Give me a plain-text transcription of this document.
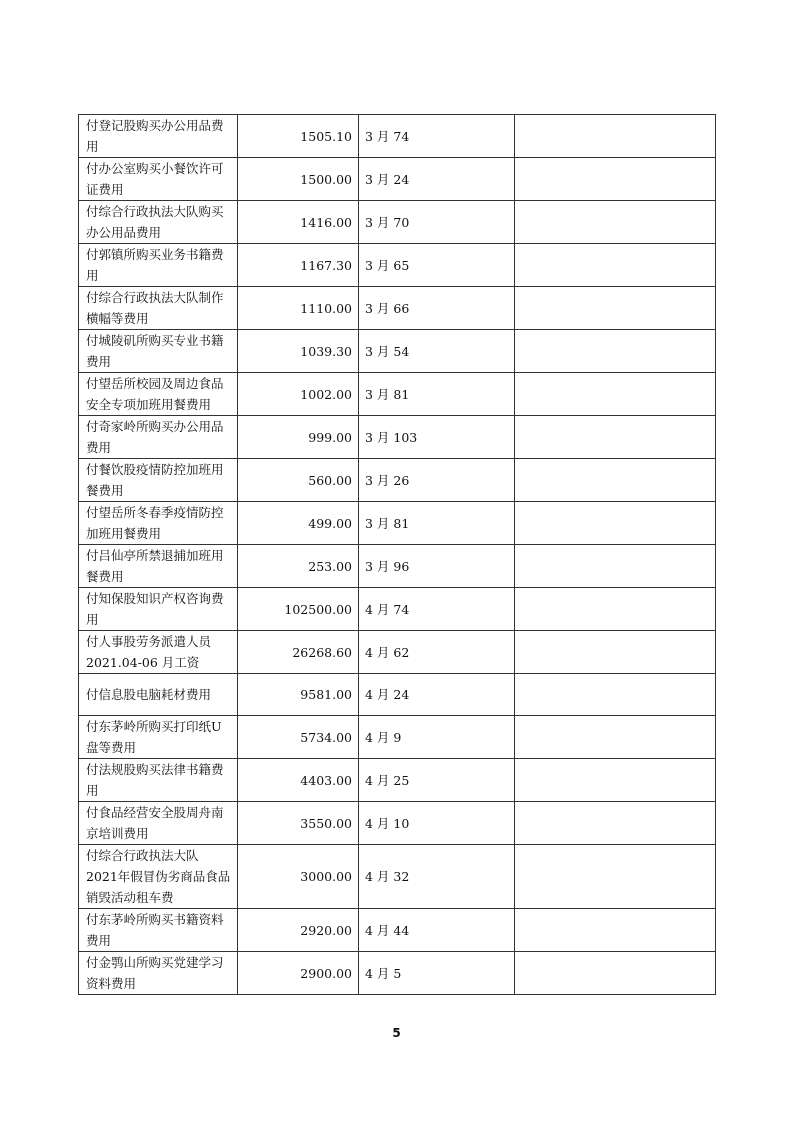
付登记股购买办公用品费用	1505.10	3 月 74	
付办公室购买小餐饮许可证费用	1500.00	3 月 24	
付综合行政执法大队购买办公用品费用	1416.00	3 月 70	
付郭镇所购买业务书籍费用	1167.30	3 月 65	
付综合行政执法大队制作横幅等费用	1110.00	3 月 66	
付城陵矶所购买专业书籍费用	1039.30	3 月 54	
付望岳所校园及周边食品安全专项加班用餐费用	1002.00	3 月 81	
付奇家岭所购买办公用品费用	999.00	3 月 103	
付餐饮股疫情防控加班用餐费用	560.00	3 月 26	
付望岳所冬春季疫情防控加班用餐费用	499.00	3 月 81	
付吕仙亭所禁退捕加班用餐费用	253.00	3 月 96	
付知保股知识产权咨询费用	102500.00	4 月 74	
付人事股劳务派遣人员2021.04-06 月工资	26268.60	4 月 62	
付信息股电脑耗材费用	9581.00	4 月 24	
付东茅岭所购买打印纸U盘等费用	5734.00	4 月 9	
付法规股购买法律书籍费用	4403.00	4 月 25	
付食品经营安全股周舟南京培训费用	3550.00	4 月 10	
付综合行政执法大队 2021年假冒伪劣商品食品销毁活动租车费	3000.00	4 月 32	
付东茅岭所购买书籍资料费用	2920.00	4 月 44	
付金鹗山所购买党建学习资料费用	2900.00	4 月 5	
5
